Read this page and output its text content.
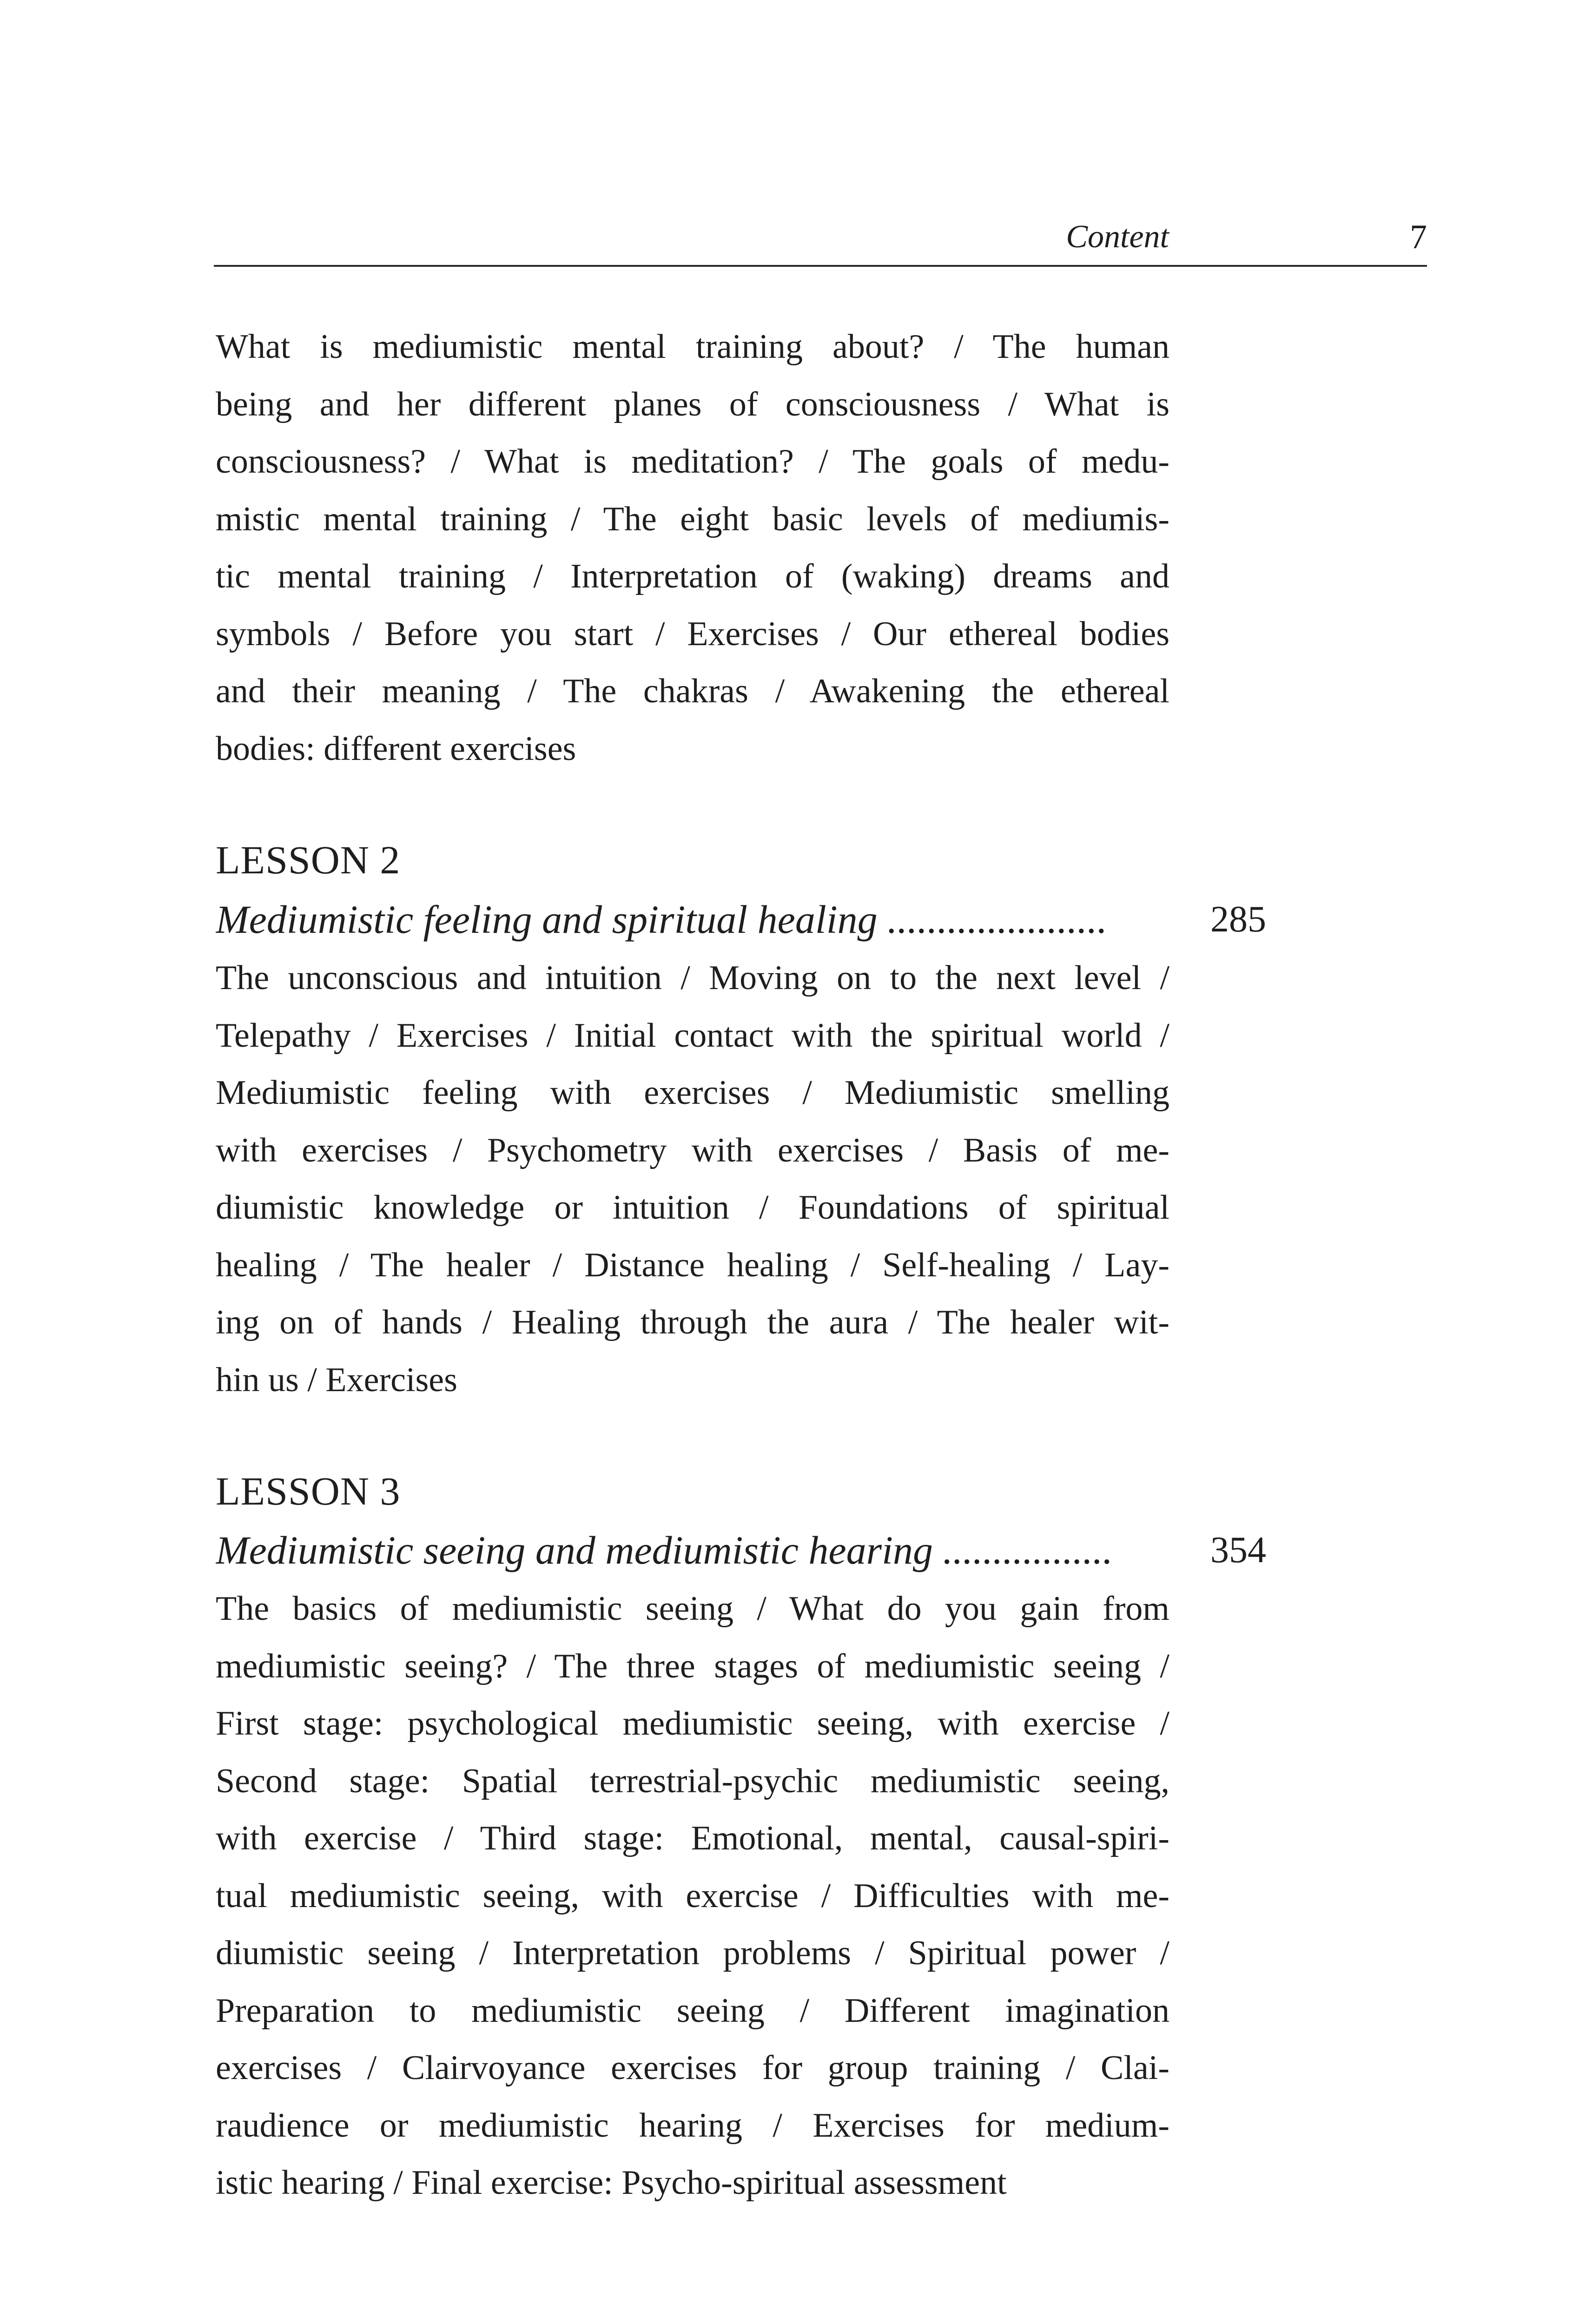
Content	7
What is mediumistic mental training about? / The human
being and her different planes of consciousness / What is
consciousness? / What is meditation? / The goals of medu-
mistic mental training / The eight basic levels of mediumis-
tic mental training / Interpretation of (waking) dreams and
symbols / Before you start / Exercises / Our ethereal bodies
and their meaning / The chakras / Awakening the ethereal
bodies: different exercises
LESSON 2
Mediumistic feeling and spiritual healing ......................	285
The unconscious and intuition / Moving on to the next level /
Telepathy / Exercises / Initial contact with the spiritual world /
Mediumistic feeling with exercises / Mediumistic smelling
with exercises / Psychometry with exercises / Basis of me-
diumistic knowledge or intuition / Foundations of spiritual
healing / The healer / Distance healing / Self-healing / Lay-
ing on of hands / Healing through the aura / The healer wit-
hin us / Exercises
LESSON 3
Mediumistic seeing and mediumistic hearing .................	354
The basics of mediumistic seeing / What do you gain from
mediumistic seeing? / The three stages of mediumistic seeing /
First stage: psychological mediumistic seeing, with exercise /
Second stage: Spatial terrestrial-psychic mediumistic seeing,
with exercise / Third stage: Emotional, mental, causal-spiri-
tual mediumistic seeing, with exercise / Difficulties with me-
diumistic seeing / Interpretation problems / Spiritual power /
Preparation to mediumistic seeing / Different imagination
exercises / Clairvoyance exercises for group training / Clai-
raudience or mediumistic hearing / Exercises for medium-
istic hearing / Final exercise: Psycho-spiritual assessment
